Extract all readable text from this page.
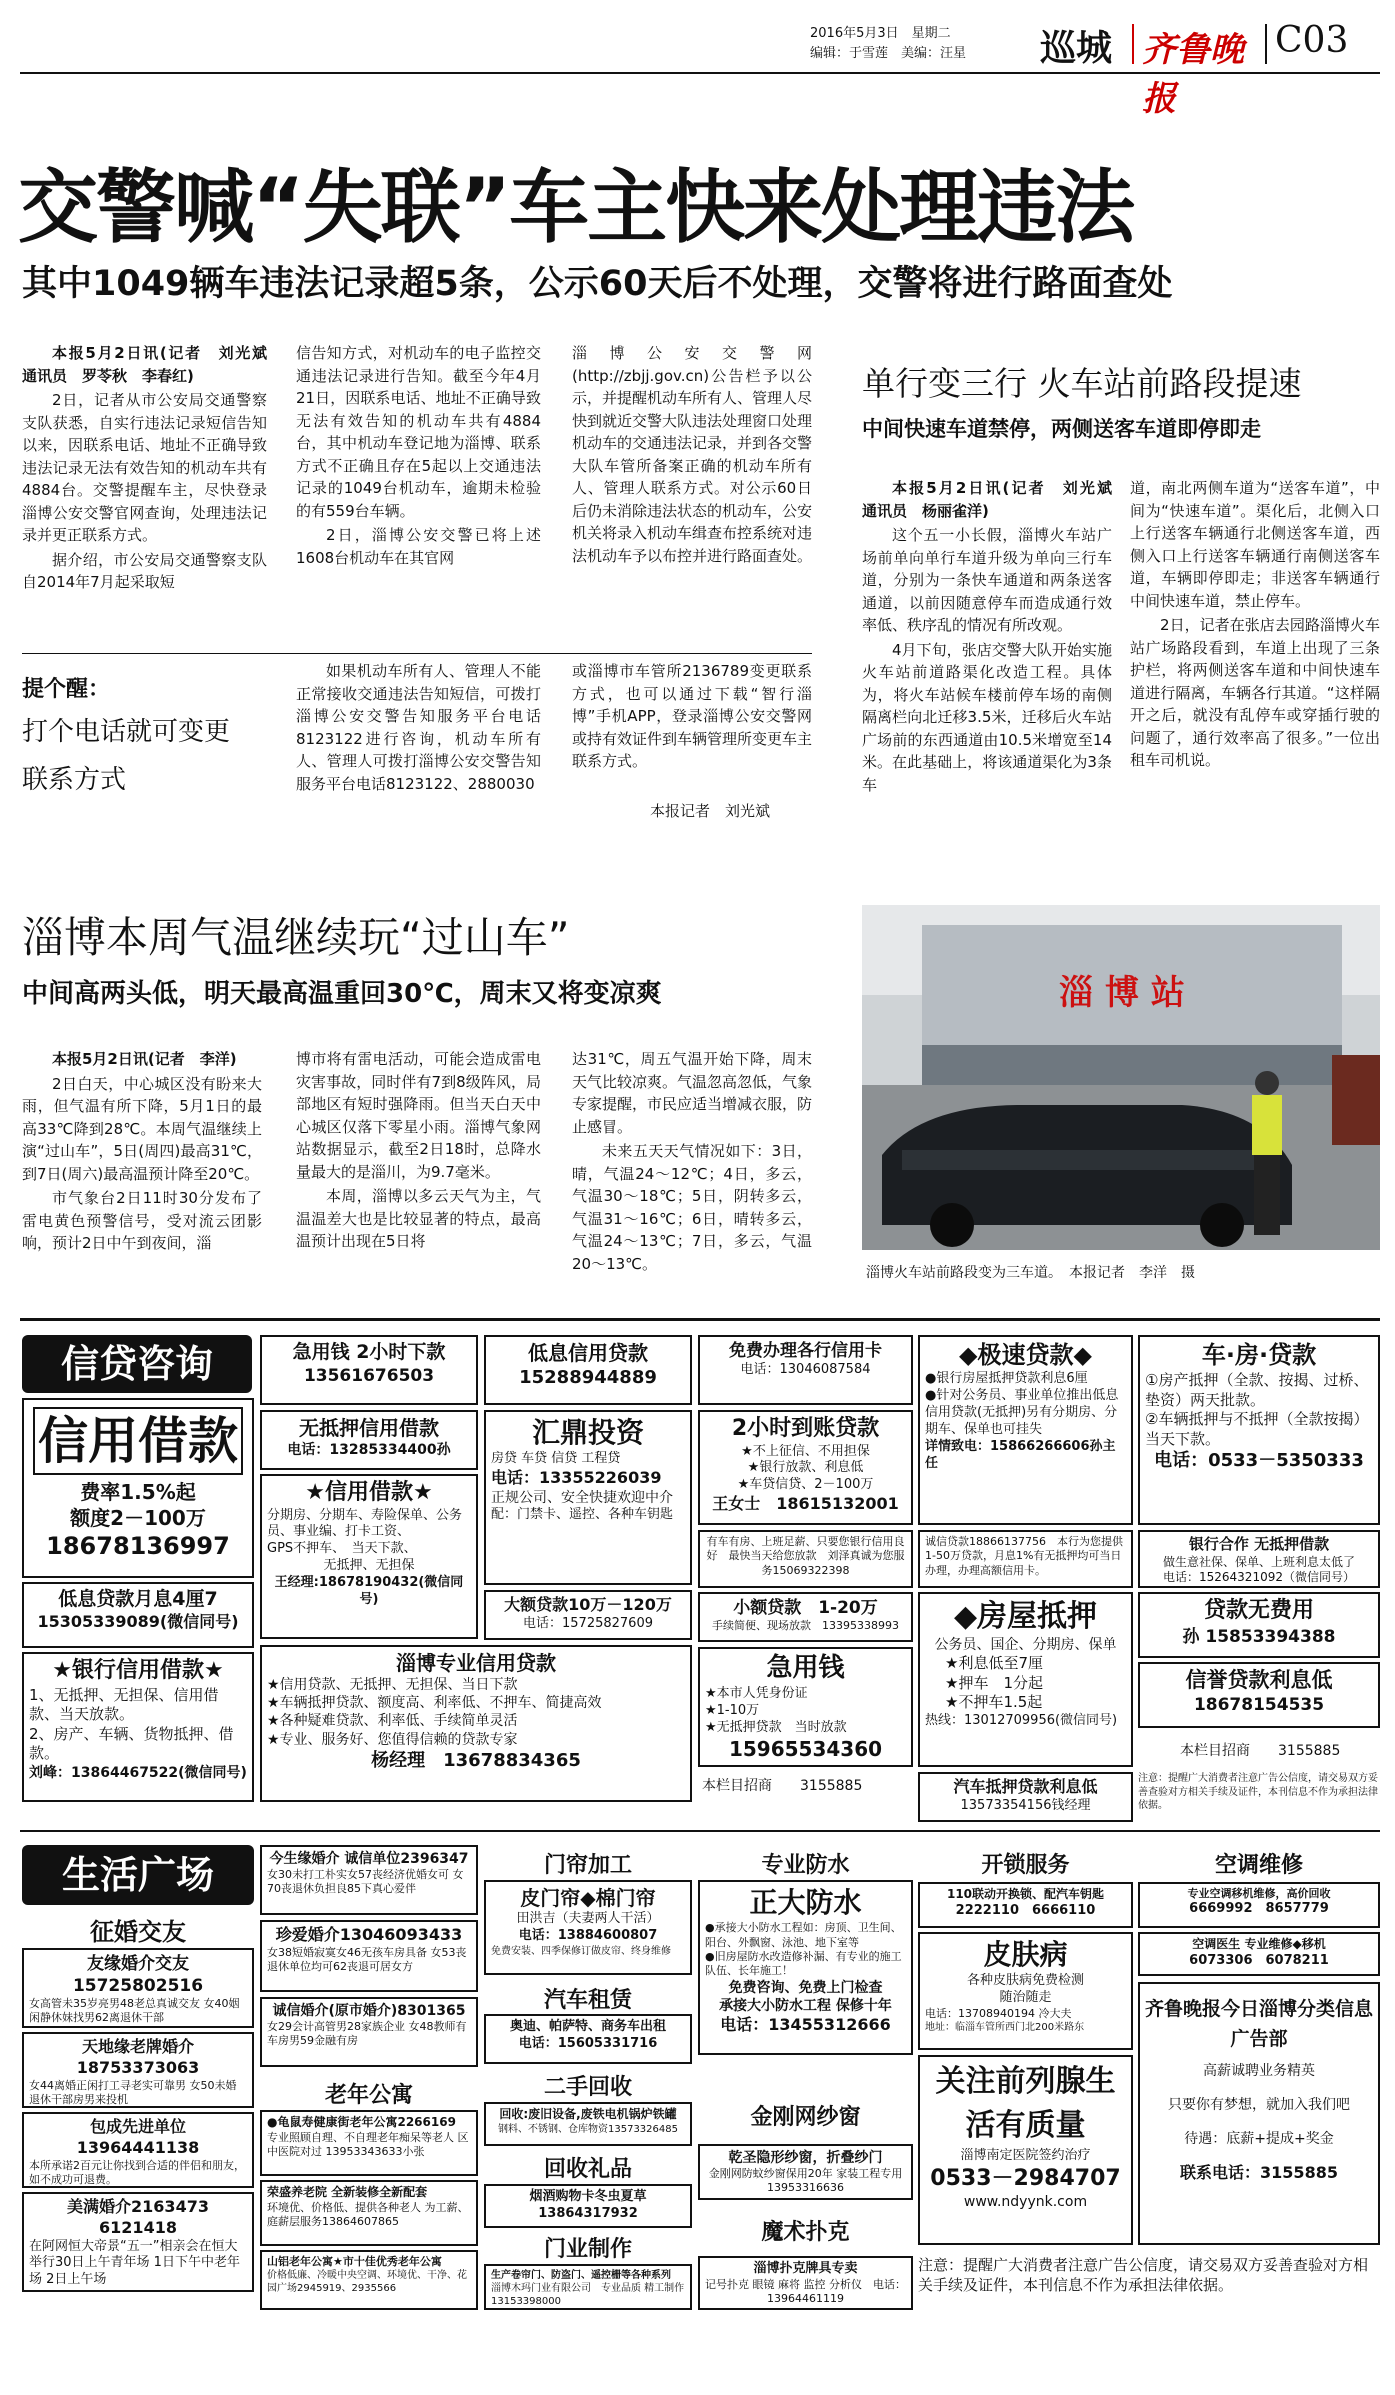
2016年5月3日　星期二
编辑：于雪莲　美编：汪星	巡城 齐鲁晚报
C03
交警喊“失联”车主快来处理违法
其中1049辆车违法记录超5条，公示60天后不处理，交警将进行路面查处

本报5月2日讯(记者　刘光斌　通讯员　罗苓秋　李春红)

2日，记者从市公安局交通警察支队获悉，自实行违法记录短信告知以来，因联系电话、地址不正确导致违法记录无法有效告知的机动车共有4884台。交警提醒车主，尽快登录淄博公安交警官网查询，处理违法记录并更正联系方式。

据介绍，市公安局交通警察支队自2014年7月起采取短

信告知方式，对机动车的电子监控交通违法记录进行告知。截至今年4月21日，因联系电话、地址不正确导致无法有效告知的机动车共有4884台，其中机动车登记地为淄博、联系方式不正确且存在5起以上交通违法记录的1049台机动车，逾期未检验的有559台车辆。

2日，淄博公安交警已将上述1608台机动车在其官网

淄博公安交警网(http://zbjj.gov.cn)公告栏予以公示，并提醒机动车所有人、管理人尽快到就近交警大队违法处理窗口处理机动车的交通违法记录，并到各交警大队车管所备案正确的机动车所有人、管理人联系方式。对公示60日后仍未消除违法状态的机动车，公安机关将录入机动车缉查布控系统对违法机动车予以布控并进行路面查处。

提个醒：
打个电话就可变更联系方式

如果机动车所有人、管理人不能正常接收交通违法告知短信，可拨打淄博公安交警告知服务平台电话8123122进行咨询，机动车所有人、管理人可拨打淄博公安交警告知服务平台电话8123122、2880030

或淄博市车管所2136789变更联系方式，也可以通过下载“智行淄博”手机APP，登录淄博公安交警网或持有效证件到车辆管理所变更车主联系方式。

本报记者　刘光斌
单行变三行 火车站前路段提速
中间快速车道禁停，两侧送客车道即停即走

本报5月2日讯(记者　刘光斌　通讯员　杨丽雀洋)

这个五一小长假，淄博火车站广场前单向单行车道升级为单向三行车道，分别为一条快车通道和两条送客通道，以前因随意停车而造成通行效率低、秩序乱的情况有所改观。

4月下旬，张店交警大队开始实施火车站前道路渠化改造工程。具体为，将火车站候车楼前停车场的南侧隔离栏向北迁移3.5米，迁移后火车站广场前的东西通道由10.5米增宽至14米。在此基础上，将该通道渠化为3条车

道，南北两侧车道为“送客车道”，中间为“快速车道”。渠化后，北侧入口上行送客车辆通行北侧送客车道，西侧入口上行送客车辆通行南侧送客车道，车辆即停即走；非送客车辆通行中间快速车道，禁止停车。

2日，记者在张店去园路淄博火车站广场路段看到，车道上出现了三条护栏，将两侧送客车道和中间快速车道进行隔离，车辆各行其道。“这样隔开之后，就没有乱停车或穿插行驶的问题了，通行效率高了很多。”一位出租车司机说。

淄 博 站
淄博火车站前路段变为三车道。　本报记者　李洋　摄
淄博本周气温继续玩“过山车”
中间高两头低，明天最高温重回30℃，周末又将变凉爽

本报5月2日讯(记者　李洋)

2日白天，中心城区没有盼来大雨，但气温有所下降，5月1日的最高33℃降到28℃。本周气温继续上演“过山车”，5日(周四)最高31℃，到7日(周六)最高温预计降至20℃。

市气象台2日11时30分发布了雷电黄色预警信号，受对流云团影响，预计2日中午到夜间，淄

博市将有雷电活动，可能会造成雷电灾害事故，同时伴有7到8级阵风，局部地区有短时强降雨。但当天白天中心城区仅落下零星小雨。淄博气象网站数据显示，截至2日18时，总降水量最大的是淄川，为9.7毫米。

本周，淄博以多云天气为主，气温温差大也是比较显著的特点，最高温预计出现在5日将

达31℃，周五气温开始下降，周末天气比较凉爽。气温忽高忽低，气象专家提醒，市民应适当增减衣服，防止感冒。

未来五天天气情况如下：3日，晴，气温24～12℃；4日，多云，气温30～18℃；5日，阴转多云，气温31～16℃；6日，晴转多云，气温24～13℃；7日，多云，气温20～13℃。

信贷咨询
信用借款
费率1.5%起
额度2－100万
18678136997
低息贷款月息4厘7
15305339089(微信同号)
★银行信用借款★
1、无抵押、无担保、信用借款、当天放款。
2、房产、车辆、货物抵押、借款。
刘峰：13864467522(微信同号)
急用钱 2小时下款
13561676503
无抵押信用借款
电话：13285334400孙
★信用借款★
分期房、分期车、寿险保单、公务员、事业编、打卡工资、
GPS不押车、　当天下款、
无抵押、无担保
王经理:18678190432(微信同号)
低息信用贷款
15288944889
汇鼎投资
房贷 车贷 信贷 工程贷
电话：13355226039
正规公司、安全快捷欢迎中介
配：门禁卡、遥控、各种车钥匙
大额贷款10万－120万
电话：15725827609
淄博专业信用贷款
★信用贷款、无抵押、无担保、当日下款
★车辆抵押贷款、额度高、利率低、不押车、简捷高效
★各种疑难贷款、利率低、手续简单灵活
★专业、服务好、您值得信赖的贷款专家
杨经理　13678834365
免费办理各行信用卡
电话：13046087584
2小时到账贷款
★不上征信、不用担保
★银行放款、利息低
★车贷信贷、2－100万
王女士　18615132001
有车有房、上班足薪、只要您银行信用良好　最快当天给您放款　刘泽真诚为您服务15069322398
小额贷款　1-20万
手续简便、现场放款　13395338993
急用钱
★本市人凭身份证
★1-10万
★无抵押贷款　当时放款
15965534360
本栏目招商　　3155885
◆极速贷款◆
●银行房屋抵押贷款利息6厘
●针对公务员、事业单位推出低息信用贷款(无抵押)另有分期房、分期车、保单也可挂失
详情致电：15866266606孙主任
诚信贷款18866137756　本行为您提供1-50万贷款，月息1%有无抵押均可当日办理，办理高额信用卡。
◆房屋抵押
公务员、国企、分期房、保单
★利息低至7厘
★押车　1分起
★不押车1.5起
热线：13012709956(微信同号)
汽车抵押贷款利息低
13573354156钱经理
车·房·贷款
①房产抵押（全款、按揭、过桥、垫资）两天批款。
②车辆抵押与不抵押（全款按揭）当天下款。
电话：0533－5350333
银行合作 无抵押借款
做生意社保、保单、上班利息太低了
电话：15264321092（微信同号）
贷款无费用
孙 15853394388
信誉贷款利息低
18678154535
本栏目招商　　3155885
注意：提醒广大消费者注意广告公信度，请交易双方妥善查验对方相关手续及证件，本刊信息不作为承担法律依据。
生活广场
征婚交友
友缘婚介交友15725802516
女高管未35岁亮男48老总真诚交友 女40姻闲静休妹找男62离退休干部
天地缘老牌婚介18753373063
女44离婚正闲打工寻老实可靠男 女50未婚退休干部房男来投机
包成先进单位13964441138
本所承诺2百元让你找到合适的伴侣和朋友，如不成功可退费。
美满婚介2163473 6121418
在阿网恒大帝景“五一”相亲会在恒大举行30日上午青年场 1日下午中老年场 2日上午场
今生缘婚介 诚信单位2396347
女30未打工朴实女57丧经济优婚女可 女70丧退休负担良85下真心爱伴
珍爱婚介13046093433
女38短婚寂寞女46无孩车房具备 女53丧退休单位均可62丧退可居女方
诚信婚介(原市婚介)8301365
女29会计高管男28家族企业 女48教师有车房男59金融有房
老年公寓
●龟鼠寿健康街老年公寓2266169
专业照顾自理、不自理老年痴呆等老人 区中医院对过 13953343633小张
荣盛养老院 全新装修全新配套
环境优、价格低、提供各种老人 为工薪、庭薪层服务13864607865
山铝老年公寓★市十佳优秀老年公寓
价格低廉、冷暖中央空调、环境优、干净、花园广场2945919、2935566
门帘加工
皮门帘◆棉门帘
田洪吉（夫妻两人干活）
电话：13884600807
免费安装、四季保修订做皮帘、终身维修
汽车租赁
奥迪、帕萨特、商务车出租
电话：15605331716
二手回收
回收:废旧设备,废铁电机锅炉铁罐
钢料、不锈钢、仓库物资13573326485
回收礼品
烟酒购物卡冬虫夏草
13864317932
门业制作
生产卷帘门、防盗门、遥控栅等各种系列
淄博木玛门业有限公司　专业品质 精工制作 13153398000
专业防水
正大防水
●承接大小防水工程如：房顶、卫生间、阳台、外飘窗、泳池、地下室等
●旧房屋防水改造修补漏、有专业的施工队伍、长年施工！
免费咨询、免费上门检查
承接大小防水工程 保修十年
电话：13455312666
金刚网纱窗
乾圣隐形纱窗，折叠纱门
金刚网防蚊纱窗保用20年 家装工程专用 13953316636
魔术扑克
淄博扑克牌具专卖
记号扑克 眼镜 麻将 监控 分析仪　电话：13964461119
开锁服务
110联动开换锁、配汽车钥匙
2222110　6666110
皮肤病
各种皮肤病免费检测
随治随走
电话：13708940194 冷大夫
地址：临淄车管所西门北200米路东
关注前列腺生活有质量
淄博南定医院签约治疗
0533－2984707
www.ndyynk.com
空调维修
专业空调移机维修，高价回收
6669992　8657779
空调医生 专业维修◆移机
6073306　6078211
齐鲁晚报今日淄博分类信息广告部
高薪诚聘业务精英
只要你有梦想，就加入我们吧
待遇：底薪+提成+奖金
联系电话：3155885
注意：提醒广大消费者注意广告公信度，请交易双方妥善查验对方相关手续及证件，本刊信息不作为承担法律依据。
